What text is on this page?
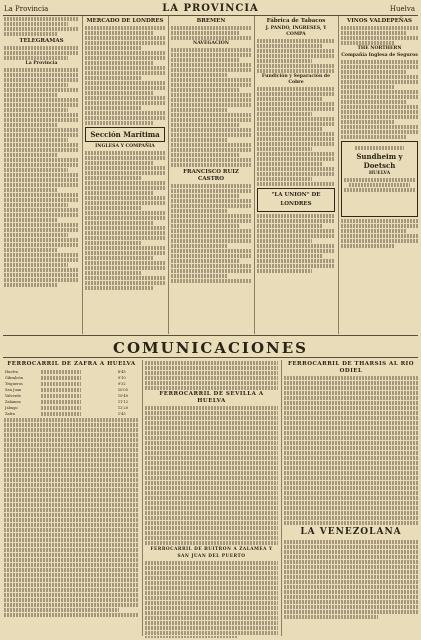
La Provincia	LA PROVINCIA	Huelva
TELEGRAMAS
La Provincia
MERCADO DE LONDRES
Sección Marítima
INGLESA Y COMPAÑIA
BREMEN
NAVEGACION
FRANCISCO RUIZ CASTRO
Fábrica de Tabacos
J. PANDO, INGRESES, Y COMPA
Fundición y Separación de Cobre
"LA UNION" DE LONDRES
VINOS VALDEPEÑAS
THE NORTHERN
Compañía Inglesa de Seguros
Sundheim y Doetsch
HUELVA
COMUNICACIONES
FERROCARRIL DE ZAFRA A HUELVA
Huelva		8'45
Gibraleón		9'10
Trigueros		9'32
San Juan		10'05
Valverde		10'40
Zalamea		11'12
Jabugo		12'20
Zafra		1'45
FERROCARRIL DE SEVILLA A HUELVA
FERROCARRIL DE BUITRON A ZALAMEA Y SAN JUAN DEL PUERTO
FERROCARRIL DE THARSIS AL RIO ODIEL
LA VENEZOLANA
